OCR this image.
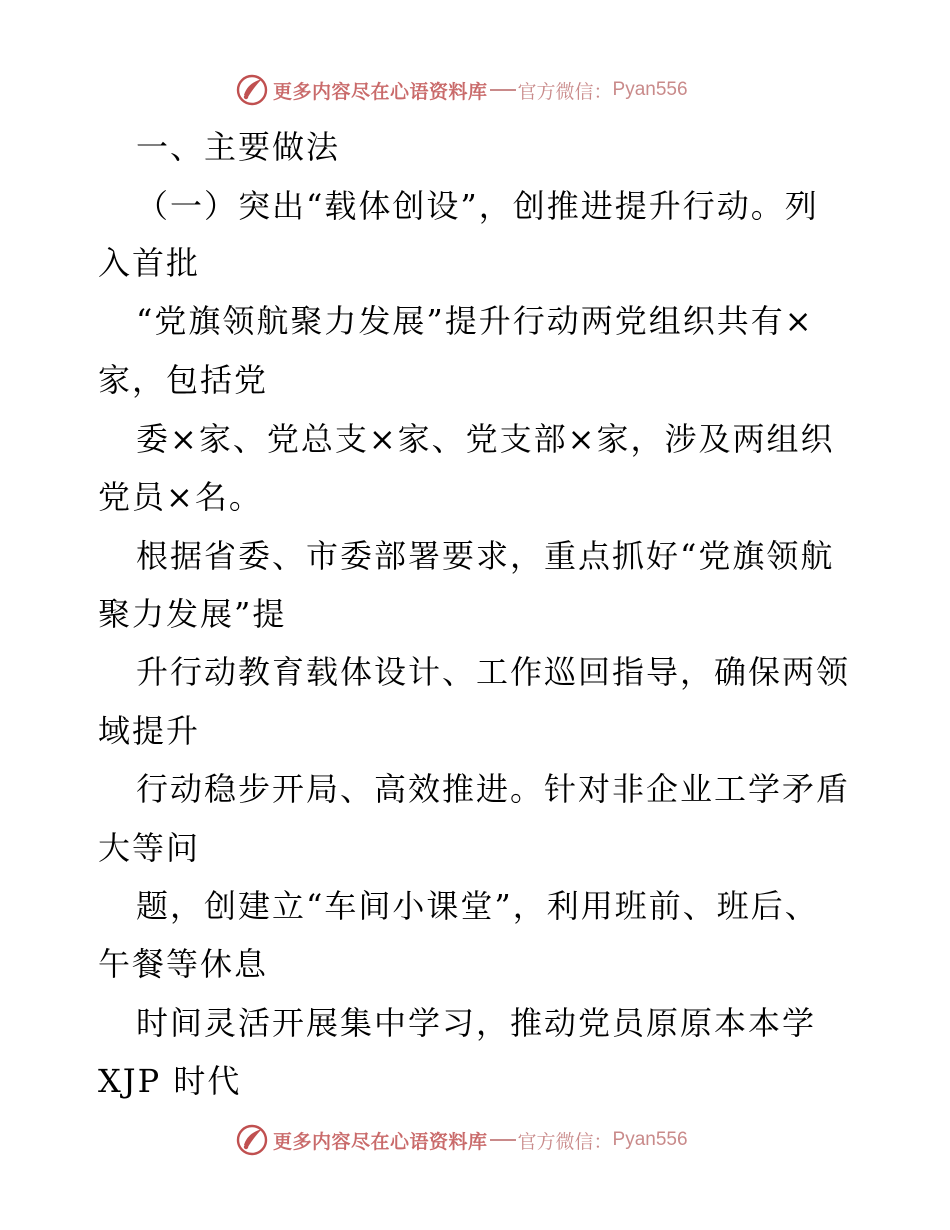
更多内容尽在心语资料库 官方微信： Pyan556
一、主要做法
（一）突出“载体创设”，创推进提升行动。列
入首批
“党旗领航聚力发展”提升行动两党组织共有×
家，包括党
委×家、党总支×家、党支部×家，涉及两组织
党员×名。
根据省委、市委部署要求，重点抓好“党旗领航
聚力发展”提
升行动教育载体设计、工作巡回指导，确保两领
域提升
行动稳步开局、高效推进。针对非企业工学矛盾
大等问
题，创建立“车间小课堂”，利用班前、班后、
午餐等休息
时间灵活开展集中学习，推动党员原原本本学
XJP 时代
更多内容尽在心语资料库 官方微信： Pyan556
